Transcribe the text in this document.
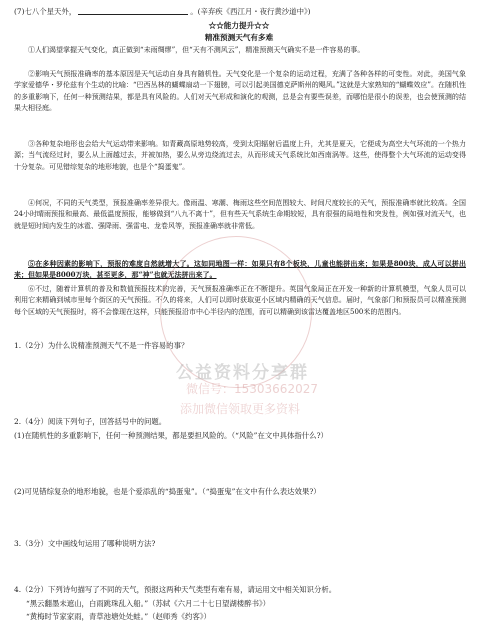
(7)七八个星天外，	。(辛弃疾《西江月・夜行黄沙道中》)
☆☆能力提升☆☆
精准预测天气有多难
①人们渴望掌握天气变化，真正做到“未雨绸缪”，但“天有不测风云”，精准预测天气确实不是一件容易的事。
②影响天气预报准确率的基本原因是天气运动自身具有随机性。天气变化是一个复杂的运动过程，充满了各种各样的可变性。对此，美国气象学家爱德华・罗伦兹有个生动的比喻：“巴西丛林的蝴蝶扇动一下翅膀，可以引起美国德克萨斯州的飓风。”这就是大家熟知的“蝴蝶效应”。在随机性的多重影响下，任何一种预测结果，都是具有风险的。人们对天气形成和演化的观测，总是会有要些误差，而哪怕是很小的误差，也会使预测的结果大相径庭。
③各种复杂地形也会给大气运动带来影响。如青藏高原地势较高，受到太阳辐射后温度上升，尤其是夏天，它便成为高空大气环流的一个热力源；当气流经过时，要么从上面越过去，并被加热，要么从旁边绕流过去，从而形成天气系统比如西南涡等。这些，使得整个大气环流的运动变得十分复杂。可见错综复杂的地形地貌，也是个“捣蛋鬼”。
④何况，不同的天气类型，预报准确率差异很大。像雨温、寒潮、梅雨这些空间范围较大、时间尺度较长的天气，预报准确率就比较高。全国24小时晴雨预报和最高、最低温度预报，能够做到“八九不离十”，但有些天气系统生命期较短，具有很强的局地性和突发性，例如强对流天气，也就是短时间内发生的冰雹、强降雨、强雷电、龙卷风等，预报准确率就非常低。
⑤在多种因素的影响下，预报的难度自然就增大了。这如同地图一样：如果只有8个板块，儿童也能拼出来；如果是800块，成人可以拼出来；但如果是8000万块，甚至更多，那“神”也就无法拼出来了。
⑥不过，随着计算机的普及和数值预报技术的完善，天气预报准确率正在不断提升。英国气象局正在开发一种新的计算机模型，气象人员可以利用它来精确到城市里每个街区的天气预报。不久的将来，人们可以即时获取更小区域内精确的天气信息。届时，气象部门和预报员可以精准预测每个区域的天气预报时，将不会像现在这样，只能预报沿市中心半径内的范围，而可以精确到该雷达覆盖地区500米的范围内。
1.（2分）为什么说精准预测天气不是一件容易的事？
2.（4分）阅读下列句子，回答括号中的问题。
(1)在随机性的多重影响下，任何一种预测结果，都是要担风险的。（“风险”在文中具体指什么?）
(2)可见错综复杂的地形地貌，也是个爱添乱的“捣蛋鬼”。（“捣蛋鬼”在文中有什么表达效果?）
3.（3分）文中画线句运用了哪种说明方法?
4.（2分）下列诗句描写了不同的天气，预报这两种天气类型有难有易，请运用文中相关知识分析。
“黑云翻墨未遮山，白雨跳珠乱入船。”（苏轼《六月二十七日望湖楼醉书》）
“黄梅时节家家雨，青草池塘处处蛙。”（赵师秀《约客》）
公益资料分享群
微信号：15303662027
添加微信领取更多资料
